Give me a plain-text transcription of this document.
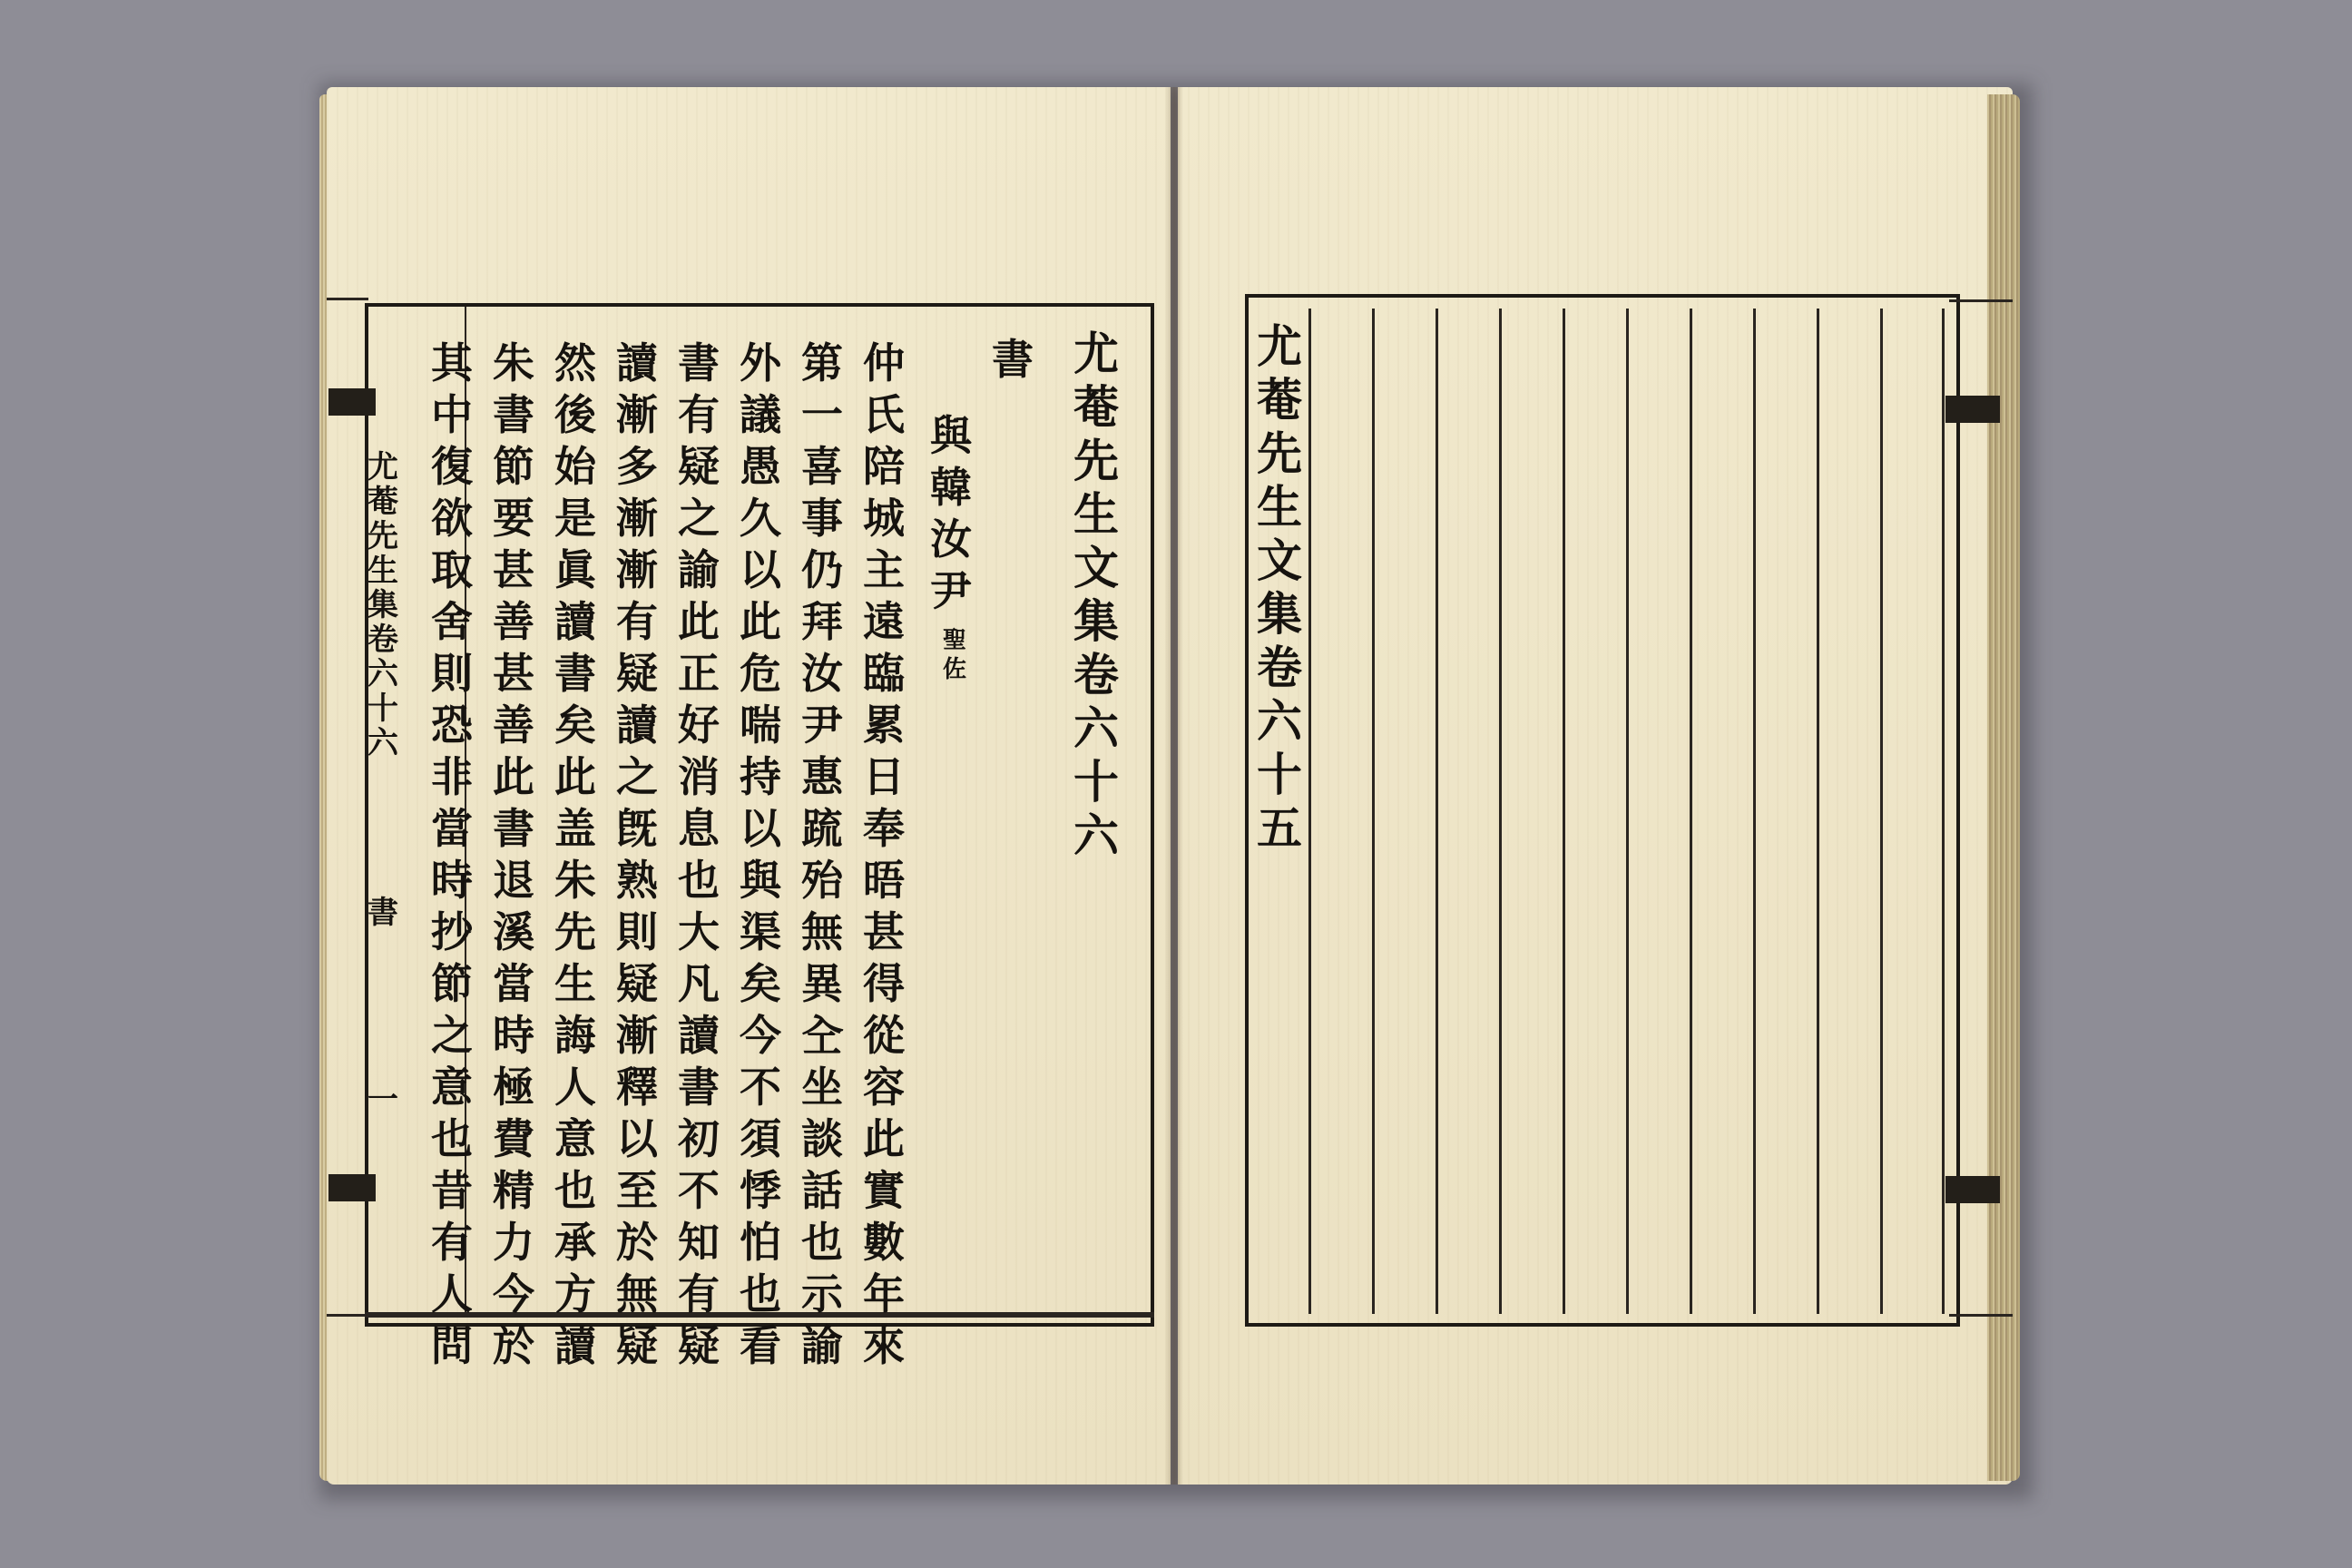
尤菴先生文集卷六十六
書
與韓汝尹
聖佐
仲氏陪城主遠臨累日奉晤甚得從容此實數年來
第一喜事仍拜汝尹惠䟽殆無異㒰坐談話也示諭
外議愚久以此危喘持以與渠矣今不須悸怕也看
書有疑之諭此正好消息也大凡讀書初不知有疑
讀漸多漸漸有疑讀之旣熟則疑漸釋以至於無疑
然後始是眞讀書矣此盖朱先生誨人意也承方讀
朱書節要甚善甚善此書退溪當時極費精力今於
其中復欲取舍則恐非當時抄節之意也昔有人問
尤菴先生集卷六十六
書
一
尤菴先生文集卷六十五
